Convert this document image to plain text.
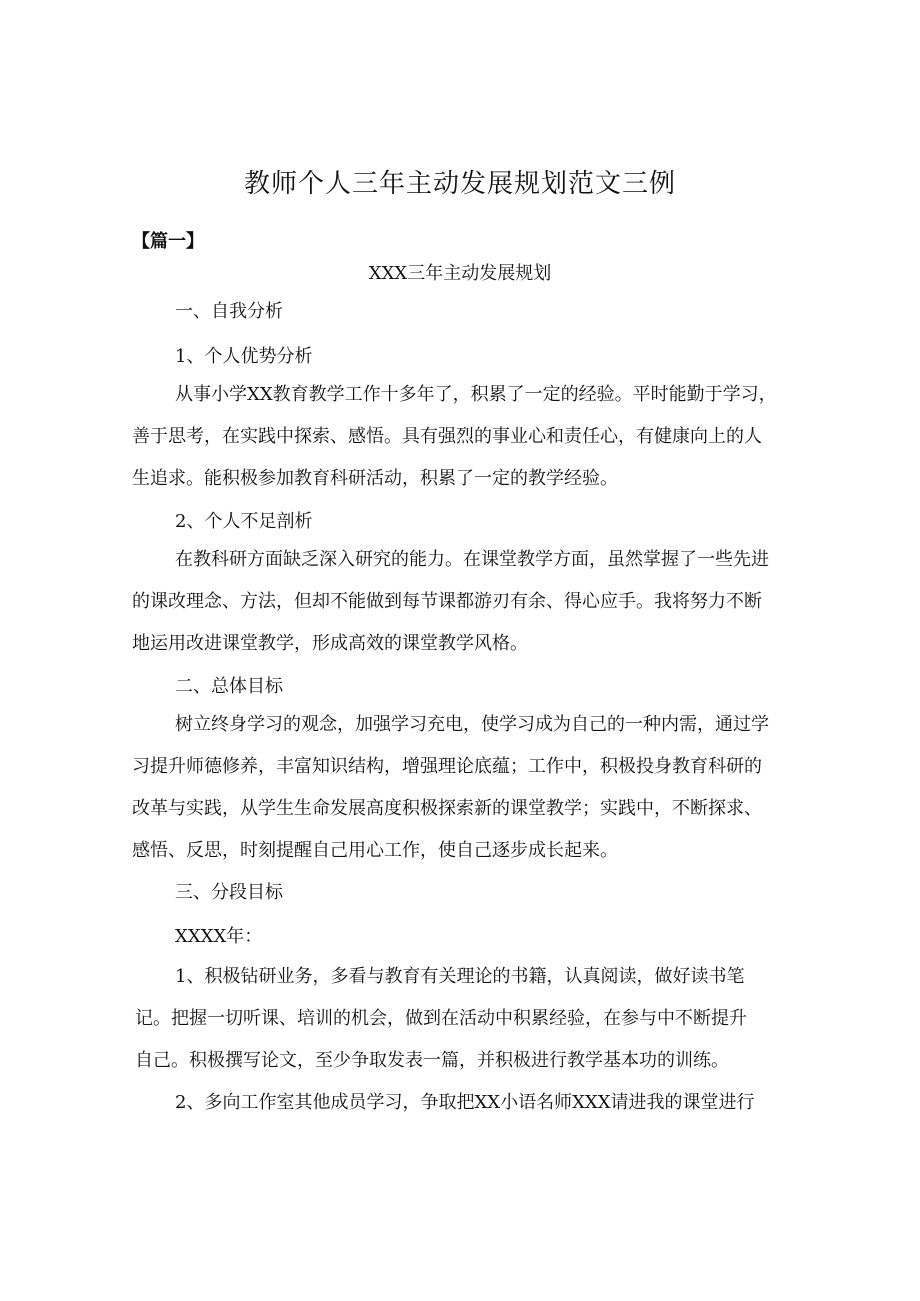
教师个人三年主动发展规划范文三例
【篇一】
XXX三年主动发展规划
一、自我分析
1、个人优势分析
从事小学XX教育教学工作十多年了，积累了一定的经验。平时能勤于学习，
善于思考，在实践中探索、感悟。具有强烈的事业心和责任心，有健康向上的人
生追求。能积极参加教育科研活动，积累了一定的教学经验。
2、个人不足剖析
在教科研方面缺乏深入研究的能力。在课堂教学方面，虽然掌握了一些先进
的课改理念、方法，但却不能做到每节课都游刃有余、得心应手。我将努力不断
地运用改进课堂教学，形成高效的课堂教学风格。
二、总体目标
树立终身学习的观念，加强学习充电，使学习成为自己的一种内需，通过学
习提升师德修养，丰富知识结构，增强理论底蕴；工作中，积极投身教育科研的
改革与实践，从学生生命发展高度积极探索新的课堂教学；实践中，不断探求、
感悟、反思，时刻提醒自己用心工作，使自己逐步成长起来。
三、分段目标
XXXX年：
1、积极钻研业务，多看与教育有关理论的书籍，认真阅读，做好读书笔
记。把握一切听课、培训的机会，做到在活动中积累经验，在参与中不断提升
自己。积极撰写论文，至少争取发表一篇，并积极进行教学基本功的训练。
2、多向工作室其他成员学习，争取把XX小语名师XXX请进我的课堂进行
